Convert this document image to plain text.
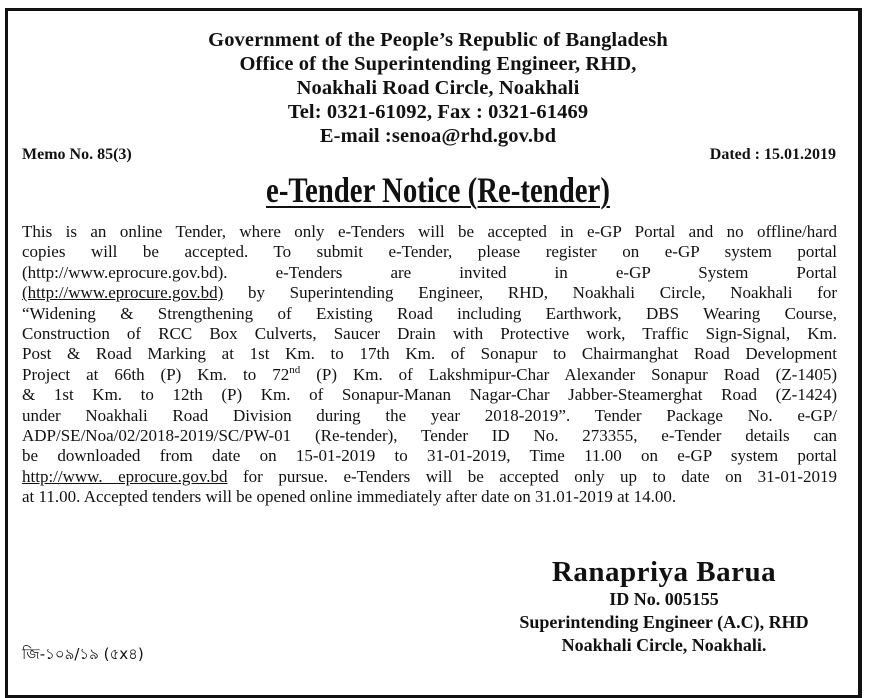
Government of the People’s Republic of Bangladesh
Office of the Superintending Engineer, RHD,
Noakhali Road Circle, Noakhali
Tel: 0321-61092, Fax : 0321-61469
E-mail :senoa@rhd.gov.bd
Memo No. 85(3)	Dated : 15.01.2019
e-Tender Notice (Re-tender)
This is an online Tender, where only e-Tenders will be accepted in e-GP Portal and no offline/hard
copies will be accepted. To submit e-Tender, please register on e-GP system portal
(http://www.eprocure.gov.bd). e-Tenders are invited in e-GP System Portal
(http://www.eprocure.gov.bd) by Superintending Engineer, RHD, Noakhali Circle, Noakhali for
“Widening & Strengthening of Existing Road including Earthwork, DBS Wearing Course,
Construction of RCC Box Culverts, Saucer Drain with Protective work, Traffic Sign-Signal, Km.
Post & Road Marking at 1st Km. to 17th Km. of Sonapur to Chairmanghat Road Development
Project at 66th (P) Km. to 72nd (P) Km. of Lakshmipur-Char Alexander Sonapur Road (Z-1405)
& 1st Km. to 12th (P) Km. of Sonapur-Manan Nagar-Char Jabber-Steamerghat Road (Z-1424)
under Noakhali Road Division during the year 2018-2019”. Tender Package No. e-GP/
ADP/SE/Noa/02/2018-2019/SC/PW-01 (Re-tender), Tender ID No. 273355, e-Tender details can
be downloaded from date on 15-01-2019 to 31-01-2019, Time 11.00 on e-GP system portal
http://www. eprocure.gov.bd for pursue. e-Tenders will be accepted only up to date on 31-01-2019
at 11.00. Accepted tenders will be opened online immediately after date on 31.01-2019 at 14.00.
Ranapriya Barua
ID No. 005155
Superintending Engineer (A.C), RHD
Noakhali Circle, Noakhali.
জি-১০৯/১৯ (৫x৪)
